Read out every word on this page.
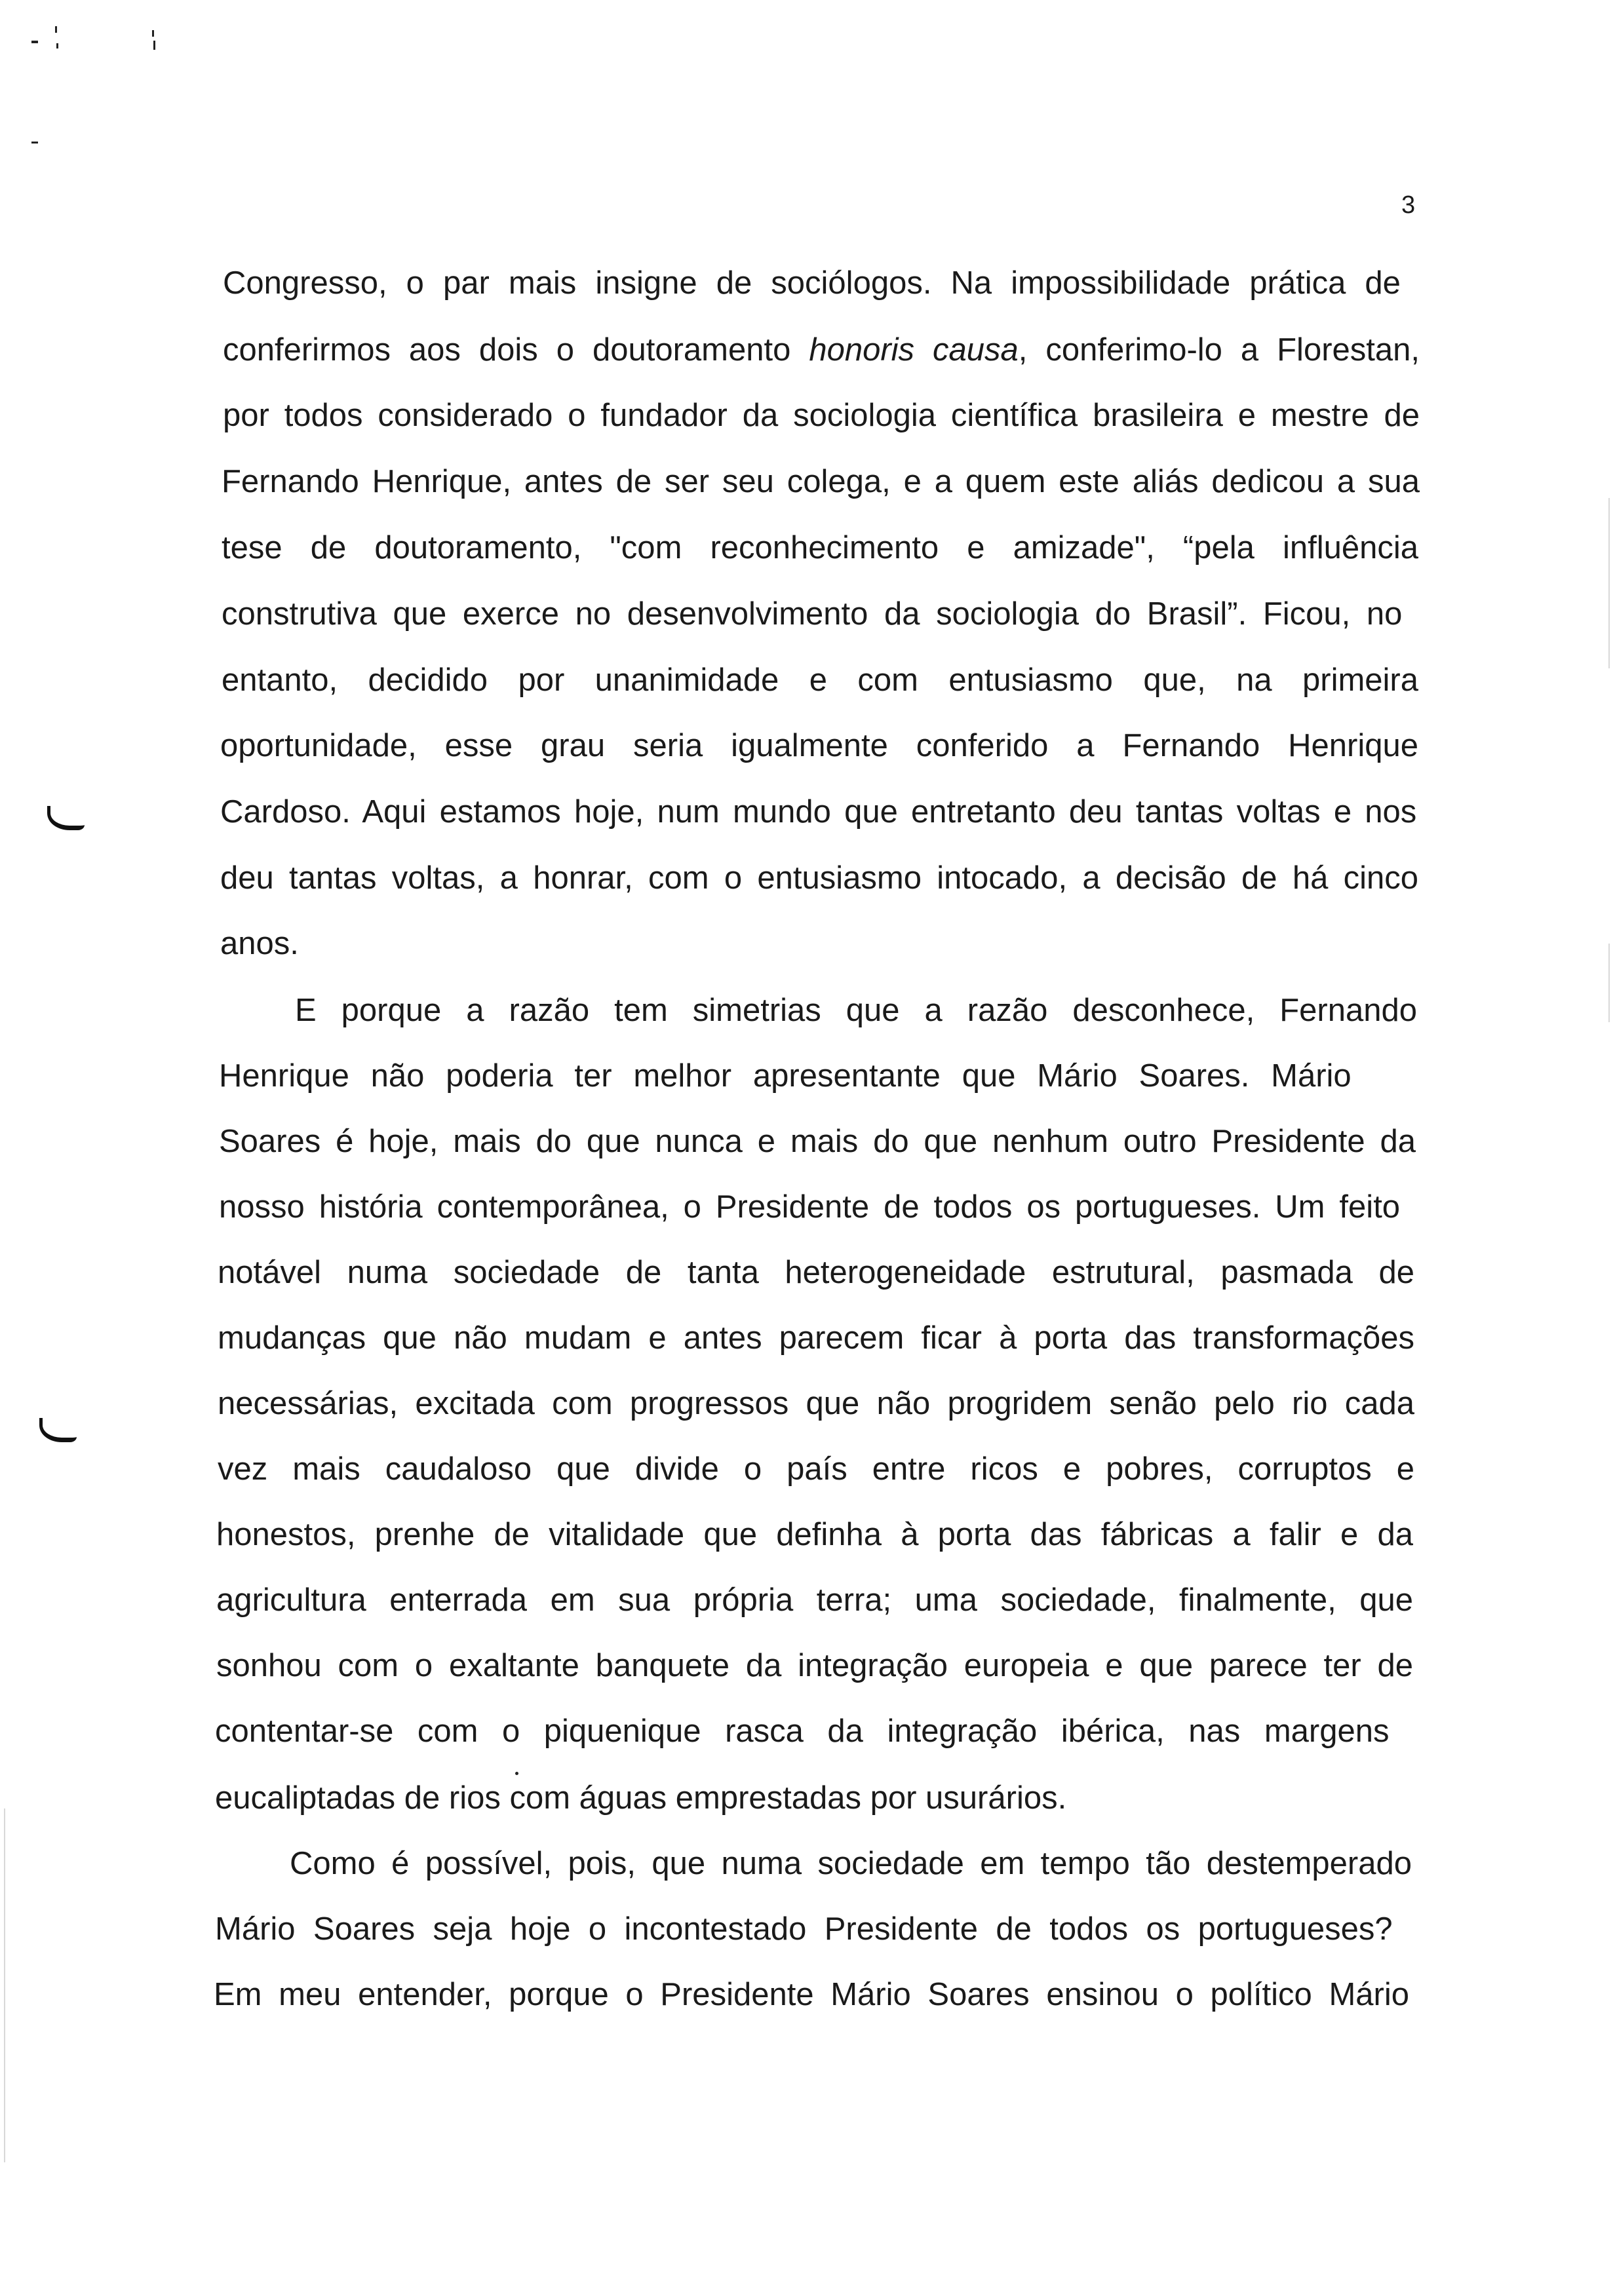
3
Congresso, o par mais insigne de sociólogos. Na impossibilidade prática de
conferirmos aos dois o doutoramento honoris causa , conferimo-lo a Florestan,
por todos considerado o fundador da sociologia científica brasileira e mestre de
Fernando Henrique, antes de ser seu colega, e a quem este aliás dedicou a sua
tese de doutoramento, "com reconhecimento e amizade", “pela influência
construtiva que exerce no desenvolvimento da sociologia do Brasil”. Ficou, no
entanto, decidido por unanimidade e com entusiasmo que, na primeira
oportunidade, esse grau seria igualmente conferido a Fernando Henrique
Cardoso. Aqui estamos hoje, num mundo que entretanto deu tantas voltas e nos
deu tantas voltas, a honrar, com o entusiasmo intocado, a decisão de há cinco
anos.
E porque a razão tem simetrias que a razão desconhece, Fernando
Henrique não poderia ter melhor apresentante que Mário Soares. Mário
Soares é hoje, mais do que nunca e mais do que nenhum outro Presidente da
nosso história contemporânea, o Presidente de todos os portugueses. Um feito
notável numa sociedade de tanta heterogeneidade estrutural, pasmada de
mudanças que não mudam e antes parecem ficar à porta das transformações
necessárias, excitada com progressos que não progridem senão pelo rio cada
vez mais caudaloso que divide o país entre ricos e pobres, corruptos e
honestos, prenhe de vitalidade que definha à porta das fábricas a falir e da
agricultura enterrada em sua própria terra; uma sociedade, finalmente, que
sonhou com o exaltante banquete da integração europeia e que parece ter de
contentar-se com o piquenique rasca da integração ibérica, nas margens
eucaliptadas de rios com águas emprestadas por usurários.
Como é possível, pois, que numa sociedade em tempo tão destemperado
Mário Soares seja hoje o incontestado Presidente de todos os portugueses?
Em meu entender, porque o Presidente Mário Soares ensinou o político Mário
